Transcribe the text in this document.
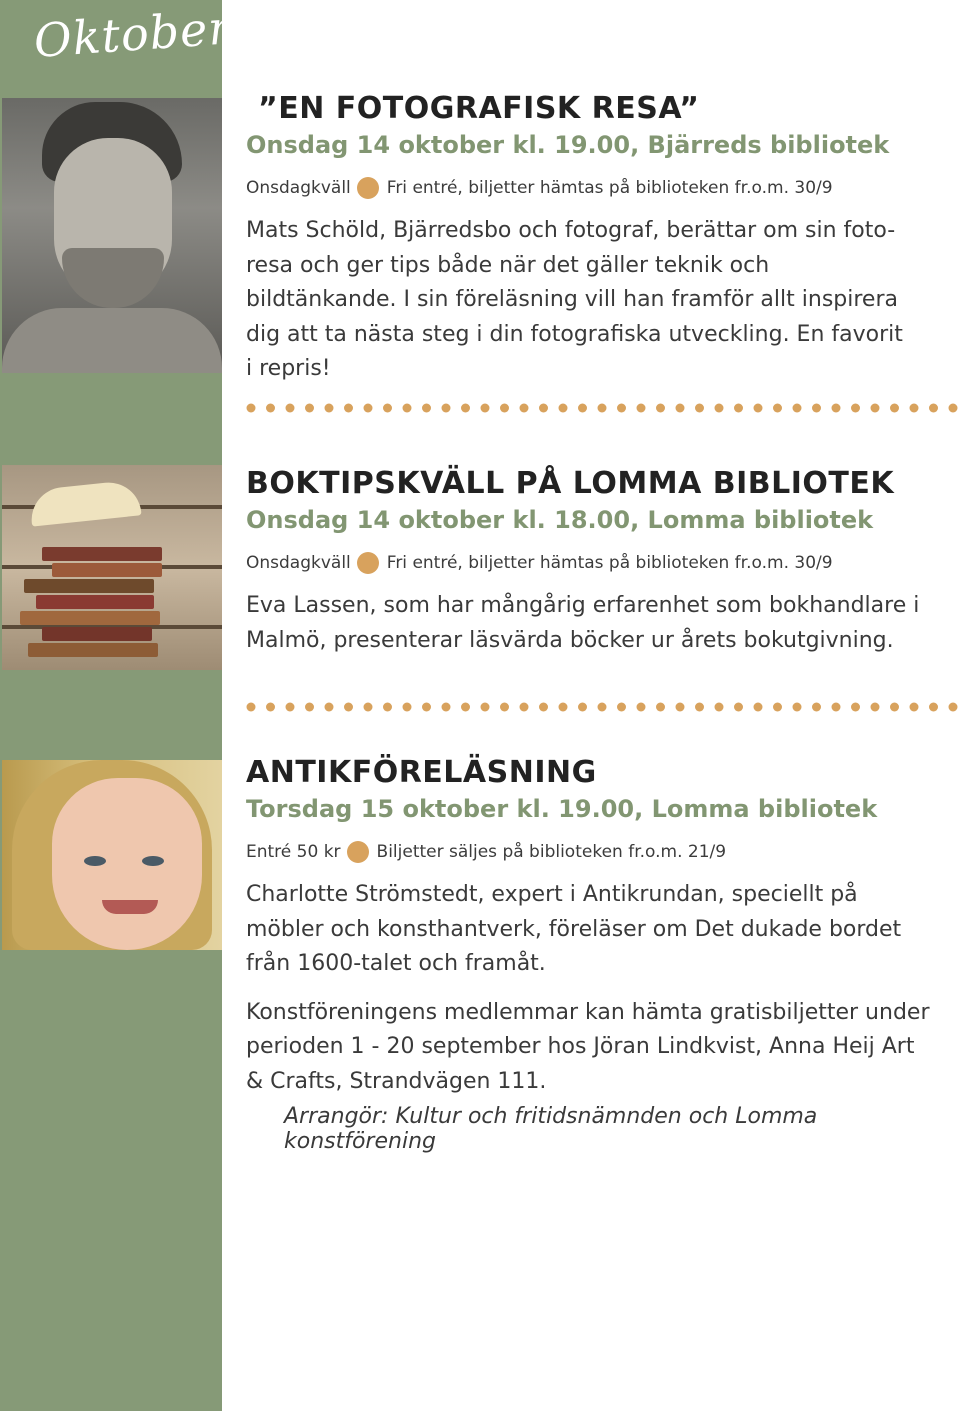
Oktober
”EN FOTOGRAFISK RESA”

Onsdag 14 oktober kl. 19.00, Bjärreds bibliotek

Onsdagkväll Fri entré, biljetter hämtas på biblioteken fr.o.m. 30/9

Mats Schöld, Bjärredsbo och fotograf, berättar om sin foto-resa och ger tips både när det gäller teknik och bildtänkande. I sin föreläsning vill han framför allt inspirera dig att ta nästa steg i din fotografiska utveckling. En favorit i repris!

BOKTIPSKVÄLL PÅ LOMMA BIBLIOTEK

Onsdag 14 oktober kl. 18.00, Lomma bibliotek

Onsdagkväll Fri entré, biljetter hämtas på biblioteken fr.o.m. 30/9

Eva Lassen, som har mångårig erfarenhet som bokhandlare i Malmö, presenterar läsvärda böcker ur årets bokutgivning.

ANTIKFÖRELÄSNING

Torsdag 15 oktober kl. 19.00, Lomma bibliotek

Entré 50 kr Biljetter säljes på biblioteken fr.o.m. 21/9

Charlotte Strömstedt, expert i Antikrundan, speciellt på möbler och konsthantverk, föreläser om Det dukade bordet från 1600-talet och framåt.

Konstföreningens medlemmar kan hämta gratisbiljetter under perioden 1 - 20 september hos Jöran Lindkvist, Anna Heij Art & Crafts, Strandvägen 111.

Arrangör: Kultur och fritidsnämnden och Lomma konstförening
